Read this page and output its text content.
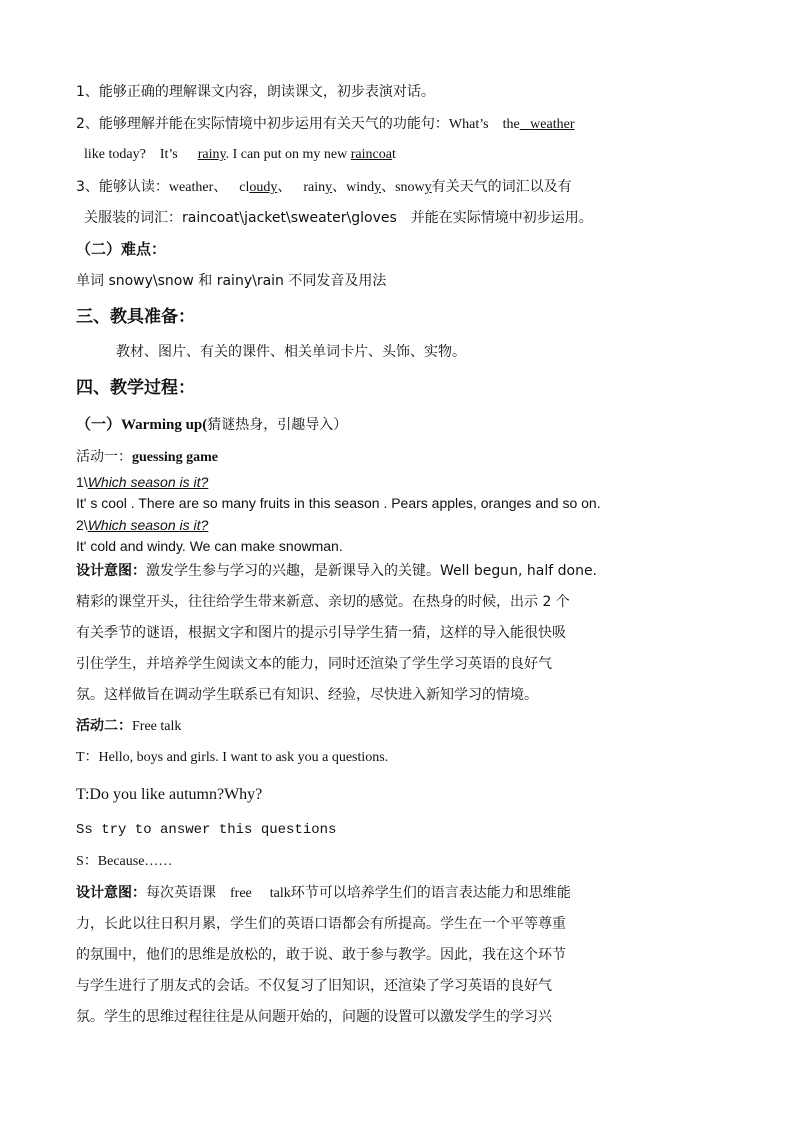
1、能够正确的理解课文内容，朗读课文，初步表演对话。
2、能够理解并能在实际情境中初步运用有关天气的功能句：What’s the weather
like today? It’s rainy. I can put on my new raincoat
3、能够认读：weather、 cloudy、 rainy、windy、snowy有关天气的词汇以及有
关服装的词汇：raincoat\jacket\sweater\gloves　并能在实际情境中初步运用。
（二）难点：
单词 snowy\snow 和 rainy\rain 不同发音及用法
三、教具准备：
教材、图片、有关的课件、相关单词卡片、头饰、实物。
四、教学过程：
（一）Warming up(猜谜热身，引趣导入）
活动一：guessing game
1\Which season is it?
It' s cool . There are so many fruits in this season . Pears apples, oranges and so on.
2\Which season is it?
It' cold and windy. We can make snowman.
设计意图：激发学生参与学习的兴趣，是新课导入的关键。Well begun, half done.
精彩的课堂开头，往往给学生带来新意、亲切的感觉。在热身的时候，出示 2 个
有关季节的谜语，根据文字和图片的提示引导学生猜一猜，这样的导入能很快吸
引住学生，并培养学生阅读文本的能力，同时还渲染了学生学习英语的良好气
氛。这样做旨在调动学生联系已有知识、经验，尽快进入新知学习的情境。
活动二：Free talk
T：Hello, boys and girls. I want to ask you a questions.
T:Do you like autumn?Why?
Ss try to answer this questions
S：Because……
设计意图：每次英语课 free talk环节可以培养学生们的语言表达能力和思维能
力，长此以往日积月累，学生们的英语口语都会有所提高。学生在一个平等尊重
的氛围中，他们的思维是放松的，敢于说、敢于参与教学。因此，我在这个环节
与学生进行了朋友式的会话。不仅复习了旧知识，还渲染了学习英语的良好气
氛。学生的思维过程往往是从问题开始的，问题的设置可以激发学生的学习兴
